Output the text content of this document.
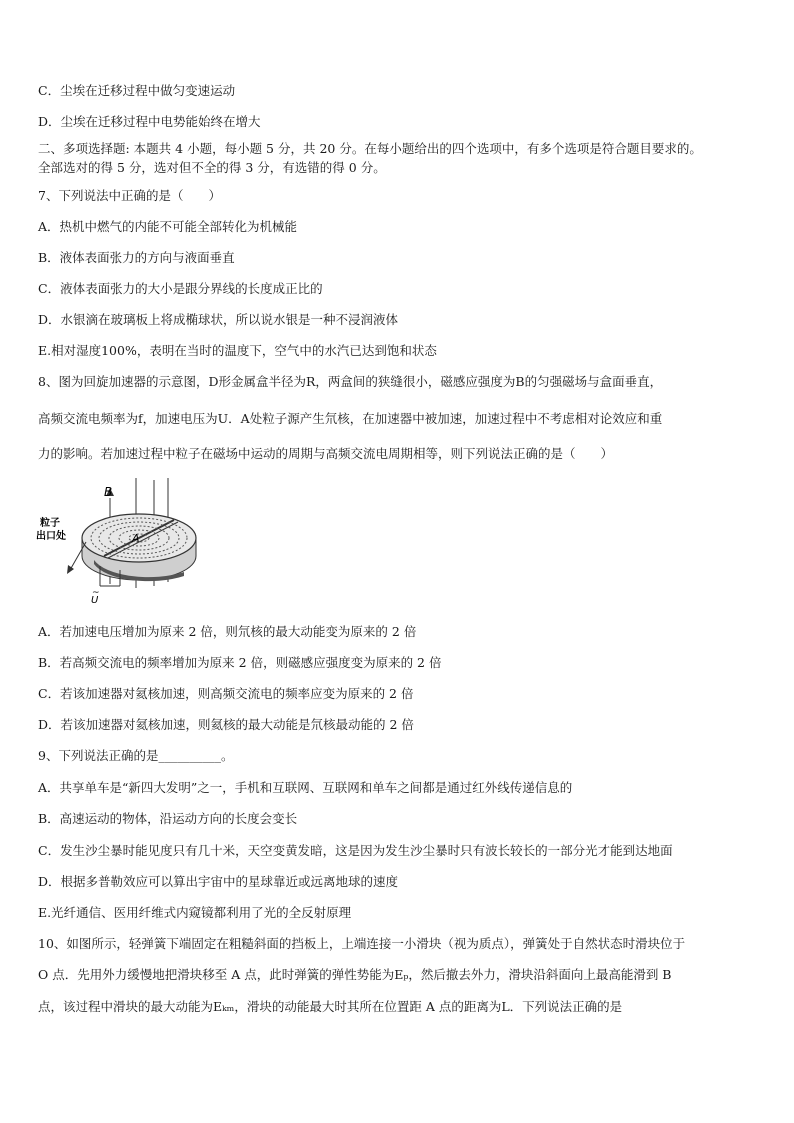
C．尘埃在迁移过程中做匀变速运动
D．尘埃在迁移过程中电势能始终在增大
二、多项选择题: 本题共 4 小题，每小题 5 分，共 20 分。在每小题给出的四个选项中，有多个选项是符合题目要求的。
全部选对的得 5 分，选对但不全的得 3 分，有选错的得 0 分。
7、下列说法中正确的是（　　）
A．热机中燃气的内能不可能全部转化为机械能
B．液体表面张力的方向与液面垂直
C．液体表面张力的大小是跟分界线的长度成正比的
D．水银滴在玻璃板上将成椭球状，所以说水银是一种不浸润液体
E.相对湿度100%，表明在当时的温度下，空气中的水汽已达到饱和状态
8、图为回旋加速器的示意图，D形金属盒半径为R，两盒间的狭缝很小，磁感应强度为B的匀强磁场与盒面垂直，
高频交流电频率为f，加速电压为U．A处粒子源产生氘核，在加速器中被加速，加速过程中不考虑相对论效应和重
力的影响。若加速过程中粒子在磁场中运动的周期与高频交流电周期相等，则下列说法正确的是（　　）
B
A
粒子
出口处
~
U
A．若加速电压增加为原来 2 倍，则氘核的最大动能变为原来的 2 倍
B．若高频交流电的频率增加为原来 2 倍，则磁感应强度变为原来的 2 倍
C．若该加速器对氦核加速，则高频交流电的频率应变为原来的 2 倍
D．若该加速器对氦核加速，则氦核的最大动能是氘核最动能的 2 倍
9、下列说法正确的是__________。
A．共享单车是“新四大发明”之一，手机和互联网、互联网和单车之间都是通过红外线传递信息的
B．高速运动的物体，沿运动方向的长度会变长
C．发生沙尘暴时能见度只有几十米，天空变黄发暗，这是因为发生沙尘暴时只有波长较长的一部分光才能到达地面
D．根据多普勒效应可以算出宇宙中的星球靠近或远离地球的速度
E.光纤通信、医用纤维式内窥镜都利用了光的全反射原理
10、如图所示，轻弹簧下端固定在粗糙斜面的挡板上，上端连接一小滑块（视为质点），弹簧处于自然状态时滑块位于
O 点．先用外力缓慢地把滑块移至 A 点，此时弹簧的弹性势能为Eₚ，然后撤去外力，滑块沿斜面向上最高能滑到 B
点，该过程中滑块的最大动能为Eₖₘ，滑块的动能最大时其所在位置距 A 点的距离为L．下列说法正确的是
